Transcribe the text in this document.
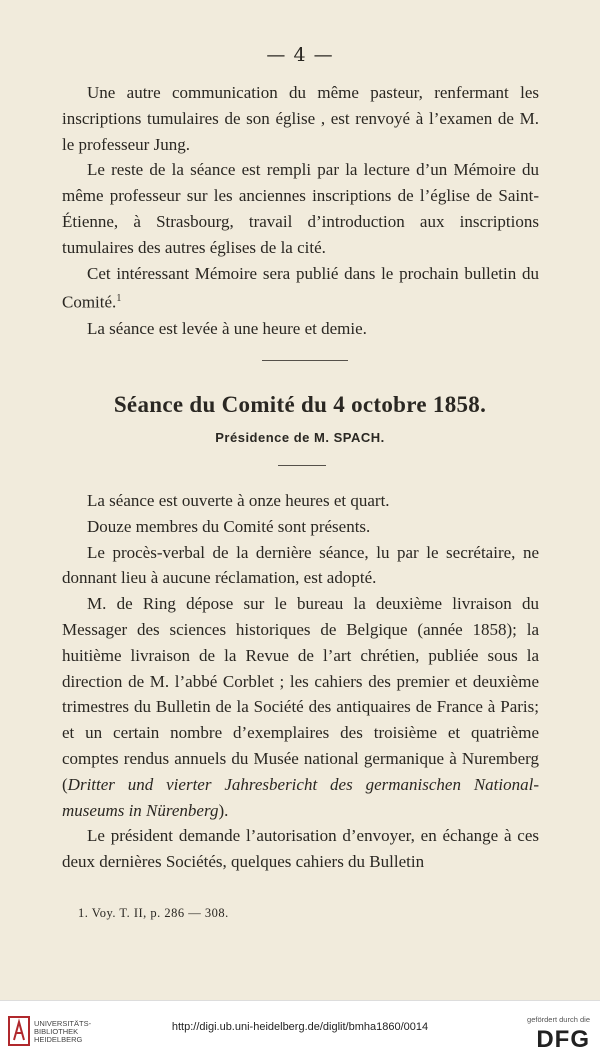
— 4 —

Une autre communication du même pasteur, renfermant les inscriptions tumulaires de son église , est renvoyé à l’examen de M. le professeur Jung.

Le reste de la séance est rempli par la lecture d’un Mémoire du même professeur sur les anciennes inscriptions de l’église de Saint-Étienne, à Strasbourg, travail d’introduction aux inscriptions tumulaires des autres églises de la cité.

Cet intéressant Mémoire sera publié dans le prochain bulletin du Comité.$^1$

La séance est levée à une heure et demie.

Séance du Comité du 4 octobre 1858.
Présidence de M. SPACH.

La séance est ouverte à onze heures et quart.

Douze membres du Comité sont présents.

Le procès-verbal de la dernière séance, lu par le secrétaire, ne donnant lieu à aucune réclamation, est adopté.

M. de Ring dépose sur le bureau la deuxième livraison du Messager des sciences historiques de Belgique (année 1858); la huitième livraison de la Revue de l’art chrétien, publiée sous la direction de M. l’abbé Corblet ; les cahiers des premier et deuxième trimestres du Bulletin de la Société des antiquaires de France à Paris; et un certain nombre d’exemplaires des troisième et quatrième comptes rendus annuels du Musée national germanique à Nuremberg (Dritter und vierter Jahresbericht des germanischen National-museums in Nürenberg).

Le président demande l’autorisation d’envoyer, en échange à ces deux dernières Sociétés, quelques cahiers du Bulletin

1. Voy. T. II, p. 286 — 308.
UNIVERSITÄTS-
BIBLIOTHEK
HEIDELBERG
http://digi.ub.uni-heidelberg.de/diglit/bmha1860/0014
gefördert durch die
DFG
